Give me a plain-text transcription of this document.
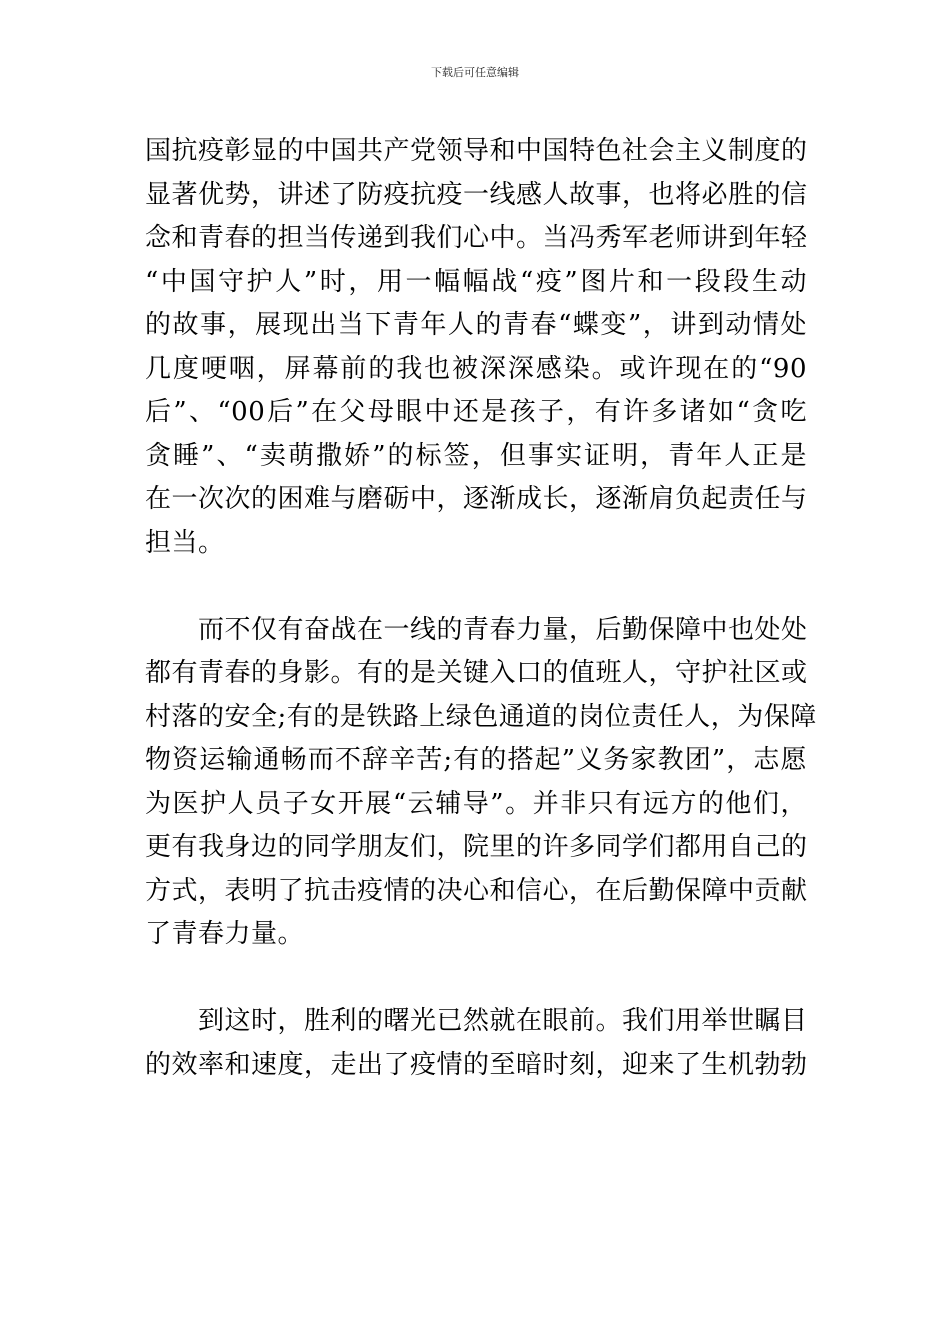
下载后可任意编辑
国抗疫彰显的中国共产党领导和中国特色社会主义制度的
显著优势，讲述了防疫抗疫一线感人故事，也将必胜的信
念和青春的担当传递到我们心中。当冯秀军老师讲到年轻
“中国守护人”时，用一幅幅战“疫”图片和一段段生动
的故事，展现出当下青年人的青春“蝶变”，讲到动情处
几度哽咽，屏幕前的我也被深深感染。或许现在的“90
后”、“00后”在父母眼中还是孩子，有许多诸如“贪吃
贪睡”、“卖萌撒娇”的标签，但事实证明，青年人正是
在一次次的困难与磨砺中，逐渐成长，逐渐肩负起责任与
担当。
　　而不仅有奋战在一线的青春力量，后勤保障中也处处
都有青春的身影。有的是关键入口的值班人，守护社区或
村落的安全;有的是铁路上绿色通道的岗位责任人，为保障
物资运输通畅而不辞辛苦;有的搭起”义务家教团”，志愿
为医护人员子女开展“云辅导”。并非只有远方的他们，
更有我身边的同学朋友们，院里的许多同学们都用自己的
方式，表明了抗击疫情的决心和信心，在后勤保障中贡献
了青春力量。
　　到这时，胜利的曙光已然就在眼前。我们用举世瞩目
的效率和速度，走出了疫情的至暗时刻，迎来了生机勃勃
